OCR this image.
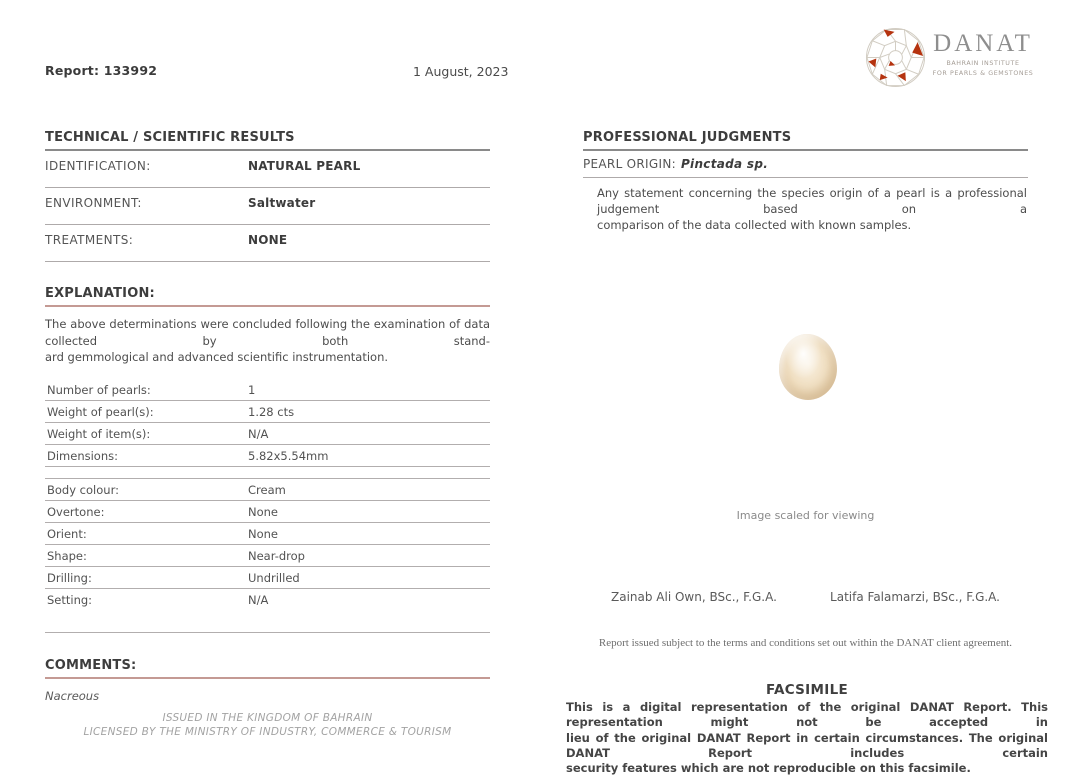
Report: 133992	1 August, 2023
DANAT
BAHRAIN INSTITUTE
FOR PEARLS & GEMSTONES
TECHNICAL / SCIENTIFIC RESULTS
IDENTIFICATION:	NATURAL PEARL
ENVIRONMENT:	Saltwater
TREATMENTS:	NONE
EXPLANATION:
The above determinations were concluded following the examination of data collected by both stand-
ard gemmological and advanced scientific instrumentation.
Number of pearls:	1
Weight of pearl(s):	1.28 cts
Weight of item(s):	N/A
Dimensions:	5.82x5.54mm
Body colour:	Cream
Overtone:	None
Orient:	None
Shape:	Near-drop
Drilling:	Undrilled
Setting:	N/A
COMMENTS:
Nacreous
PROFESSIONAL JUDGMENTS
PEARL ORIGIN: Pinctada sp.
Any statement concerning the species origin of a pearl is a professional judgement based on a
comparison of the data collected with known samples.
Image scaled for viewing
Zainab Ali Own, BSc., F.G.A.	Latifa Falamarzi, BSc., F.G.A.
Report issued subject to the terms and conditions set out within the DANAT client agreement.
FACSIMILE
This is a digital representation of the original DANAT Report. This representation might not be accepted in
lieu of the original DANAT Report in certain circumstances. The original DANAT Report includes certain
security features which are not reproducible on this facsimile.
ISSUED IN THE KINGDOM OF BAHRAIN
LICENSED BY THE MINISTRY OF INDUSTRY, COMMERCE & TOURISM
